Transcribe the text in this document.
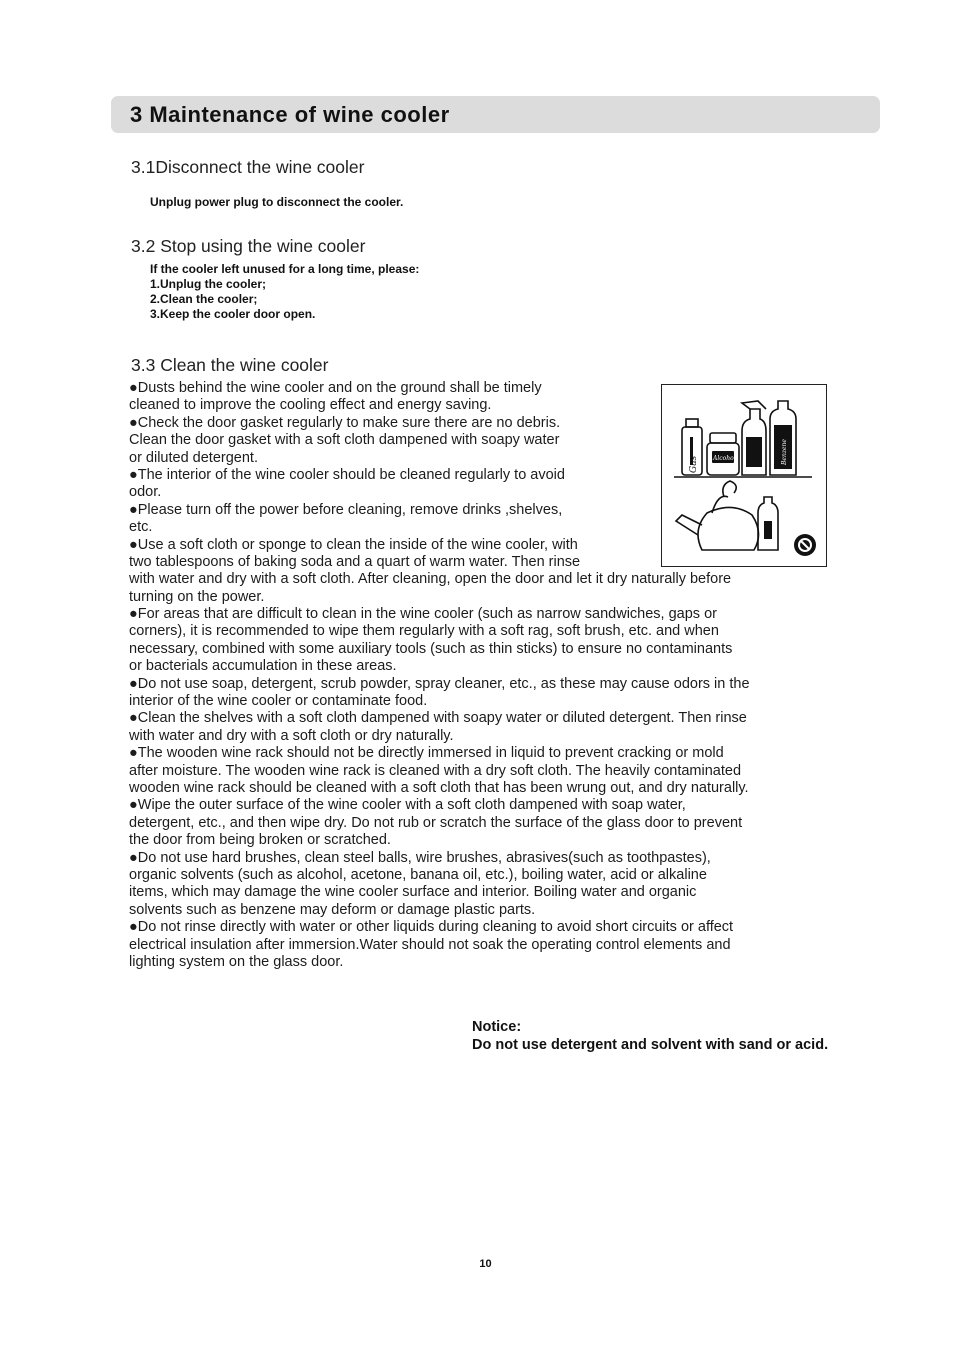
3 Maintenance of wine cooler
3.1Disconnect the wine cooler
Unplug power plug to disconnect the cooler.
3.2 Stop using the wine cooler
If the cooler left unused for a long time, please:
1.Unplug the cooler;
2.Clean the cooler;
3.Keep the cooler door open.
3.3 Clean the wine cooler
●Dusts behind the wine cooler and on the ground shall be timely
cleaned to improve the cooling effect and energy saving.
●Check the door gasket regularly to make sure there are no debris.
Clean the door gasket with a soft cloth dampened with soapy water
or diluted detergent.
●The interior of the wine cooler should be cleaned regularly to avoid
odor.
●Please turn off the power before cleaning, remove drinks ,shelves,
etc.
●Use a soft cloth or sponge to clean the inside of the wine cooler, with
two tablespoons of baking soda and a quart of warm water. Then rinse
with water and dry with a soft cloth. After cleaning, open the door and let it dry naturally before
turning on the power.
●For areas that are difficult to clean in the wine cooler (such as narrow sandwiches, gaps or
corners), it is recommended to wipe them regularly with a soft rag, soft brush, etc. and when
necessary, combined with some auxiliary tools (such as thin sticks) to ensure no contaminants
or bacterials accumulation in these areas.
●Do not use soap, detergent, scrub powder, spray cleaner, etc., as these may cause odors in the
interior of the wine cooler or contaminate food.
●Clean the shelves with a soft cloth dampened with soapy water or diluted detergent. Then rinse
with water and dry with a soft cloth or dry naturally.
●The wooden wine rack should not be directly immersed in liquid to prevent cracking or mold
after moisture. The wooden wine rack is cleaned with a dry soft cloth. The heavily contaminated
wooden wine rack should be cleaned with a soft cloth that has been wrung out, and dry naturally.
●Wipe the outer surface of the wine cooler with a soft cloth dampened with soap water,
detergent, etc., and then wipe dry. Do not rub or scratch the surface of the glass door to prevent
the door from being broken or scratched.
●Do not use hard brushes, clean steel balls, wire brushes, abrasives(such as toothpastes),
organic solvents (such as alcohol, acetone, banana oil, etc.), boiling water, acid or alkaline
items, which may damage the wine cooler surface and interior. Boiling water and organic
solvents such as benzene may deform or damage plastic parts.
●Do not rinse directly with water or other liquids during cleaning to avoid short circuits or affect
electrical insulation after immersion.Water should not soak the operating control elements and
lighting system on the glass door.
Gas Alcohol	Benzene
Notice:
Do not use detergent and solvent with sand or acid.
10
